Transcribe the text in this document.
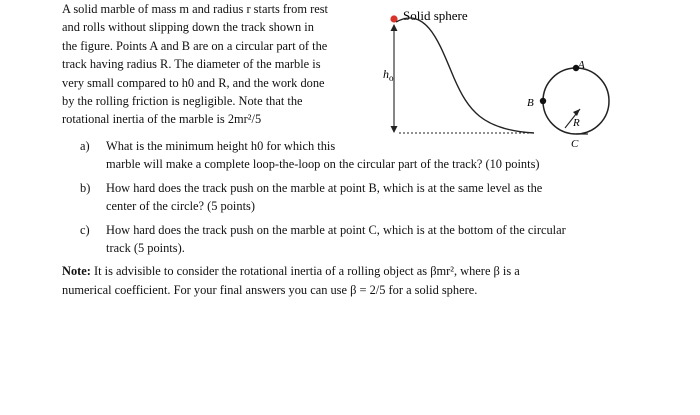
A solid marble of mass m and radius r starts from rest
and rolls without slipping down the track shown in
the figure. Points A and B are on a circular part of the
track having radius R. The diameter of the marble is
very small compared to h0 and R, and the work done
by the rolling friction is negligible. Note that the
rotational inertia of the marble is 2mr²/5
Solid sphere
$h_o$
R
A
B
C
a) What is the minimum height h0 for which this
marble will make a complete loop-the-loop on the circular part of the track? (10 points)
b) How hard does the track push on the marble at point B, which is at the same level as the
center of the circle? (5 points)
c) How hard does the track push on the marble at point C, which is at the bottom of the circular
track (5 points).
Note: It is advisible to consider the rotational inertia of a rolling object as βmr², where β is a
numerical coefficient. For your final answers you can use β = 2/5 for a solid sphere.
